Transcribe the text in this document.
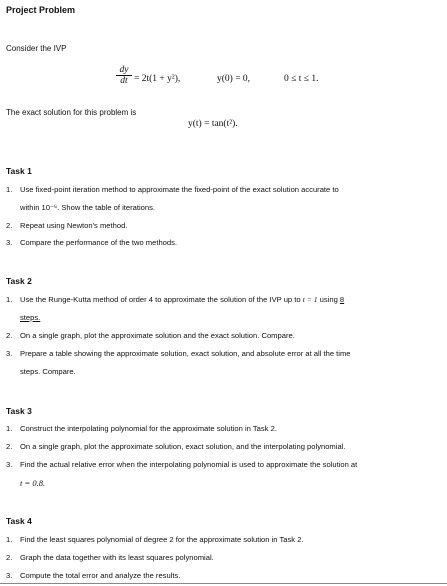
Project Problem
Consider the IVP
$\frac{dy}{dt} = 2t(1 + y^2)$,	y(0) = 0,	0 ≤ t ≤ 1.
The exact solution for this problem is
y(t) = tan(t²).
Task 1
1. Use fixed-point iteration method to approximate the fixed-point of the exact solution accurate to
within 10⁻⁶. Show the table of iterations.
2. Repeat using Newton's method.
3. Compare the performance of the two methods.
Task 2
1. Use the Runge-Kutta method of order 4 to approximate the solution of the IVP up to t = 1 using 8
steps.
2. On a single graph, plot the approximate solution and the exact solution. Compare.
3. Prepare a table showing the approximate solution, exact solution, and absolute error at all the time
steps. Compare.
Task 3
1. Construct the interpolating polynomial for the approximate solution in Task 2.
2. On a single graph, plot the approximate solution, exact solution, and the interpolating polynomial.
3. Find the actual relative error when the interpolating polynomial is used to approximate the solution at
t = 0.8.
Task 4
1. Find the least squares polynomial of degree 2 for the approximate solution in Task 2.
2. Graph the data together with its least squares polynomial.
3. Compute the total error and analyze the results.
